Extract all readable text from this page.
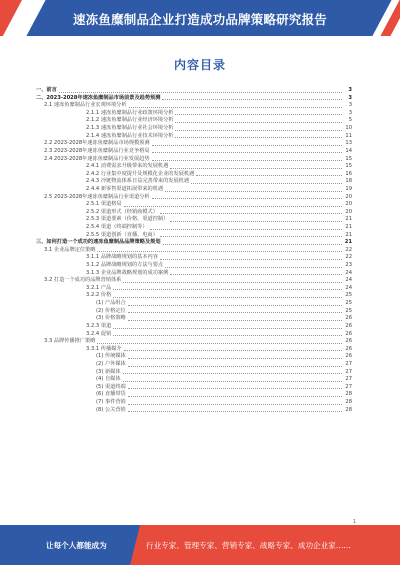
速冻鱼糜制品企业打造成功品牌策略研究报告
内容目录
一、前言	3
二、2023-2028年速冻鱼糜制品市场前景及趋势预测	3
2.1 速冻鱼糜制品行业宏观环境分析	3
2.1.1 速冻鱼糜制品行业政策环境分析	3
2.1.2 速冻鱼糜制品行业经济环境分析	5
2.1.3 速冻鱼糜制品行业社会环境分析	10
2.1.4 速冻鱼糜制品行业技术环境分析	11
2.2 2023-2028年速冻鱼糜制品市场规模预测	13
2.3 2023-2028年速冻鱼糜制品行业竞争格局	14
2.4 2023-2028年速冻鱼糜制品行业发展趋势	15
2.4.1 消费需求升级带来的发展机遇	15
2.4.2 行业集中度提升及规模化企业的发展机遇	16
2.4.3 冷链物流体系日益完善带来的发展机遇	18
2.4.4 新零售渠道拓展带来的机遇	19
2.5 2023-2028年速冻鱼糜制品行业渠道分析	20
2.5.1 渠道格局	20
2.5.2 渠道形式（经销商模式）	20
2.5.3 渠道要素（价格、渠道控制）	21
2.5.4 渠道（终端控制等）	21
2.5.5 渠道创新（直播、电商）	21
三、如何打造一个成功的速冻鱼糜制品品牌策略及规划	21
3.1 企业品牌定位策略	22
3.1.1 品牌战略规划的基本内容	22
3.1.2 品牌战略规划的方法与要点	23
3.1.3 企业品牌战略规划的成功案例	24
3.2 打造一个成功的品牌营销体系	24
3.2.1 产品	24
3.2.2 价格	25
(1) 产品组合	25
(2) 价格定位	25
(3) 价格策略	26
3.2.3 渠道	26
3.2.4 促销	26
3.3 品牌传播推广策略	26
3.3.1 传播媒介	26
(1) 传统媒体	26
(2) 户外媒体	27
(3) 新媒体	27
(4) 自媒体	27
(5) 渠道终端	27
(6) 直播带货	28
(7) 事件营销	28
(8) 公关营销	28
1
让每个人都能成为	行业专家、管理专家、营销专家、战略专家、成功企业家……
